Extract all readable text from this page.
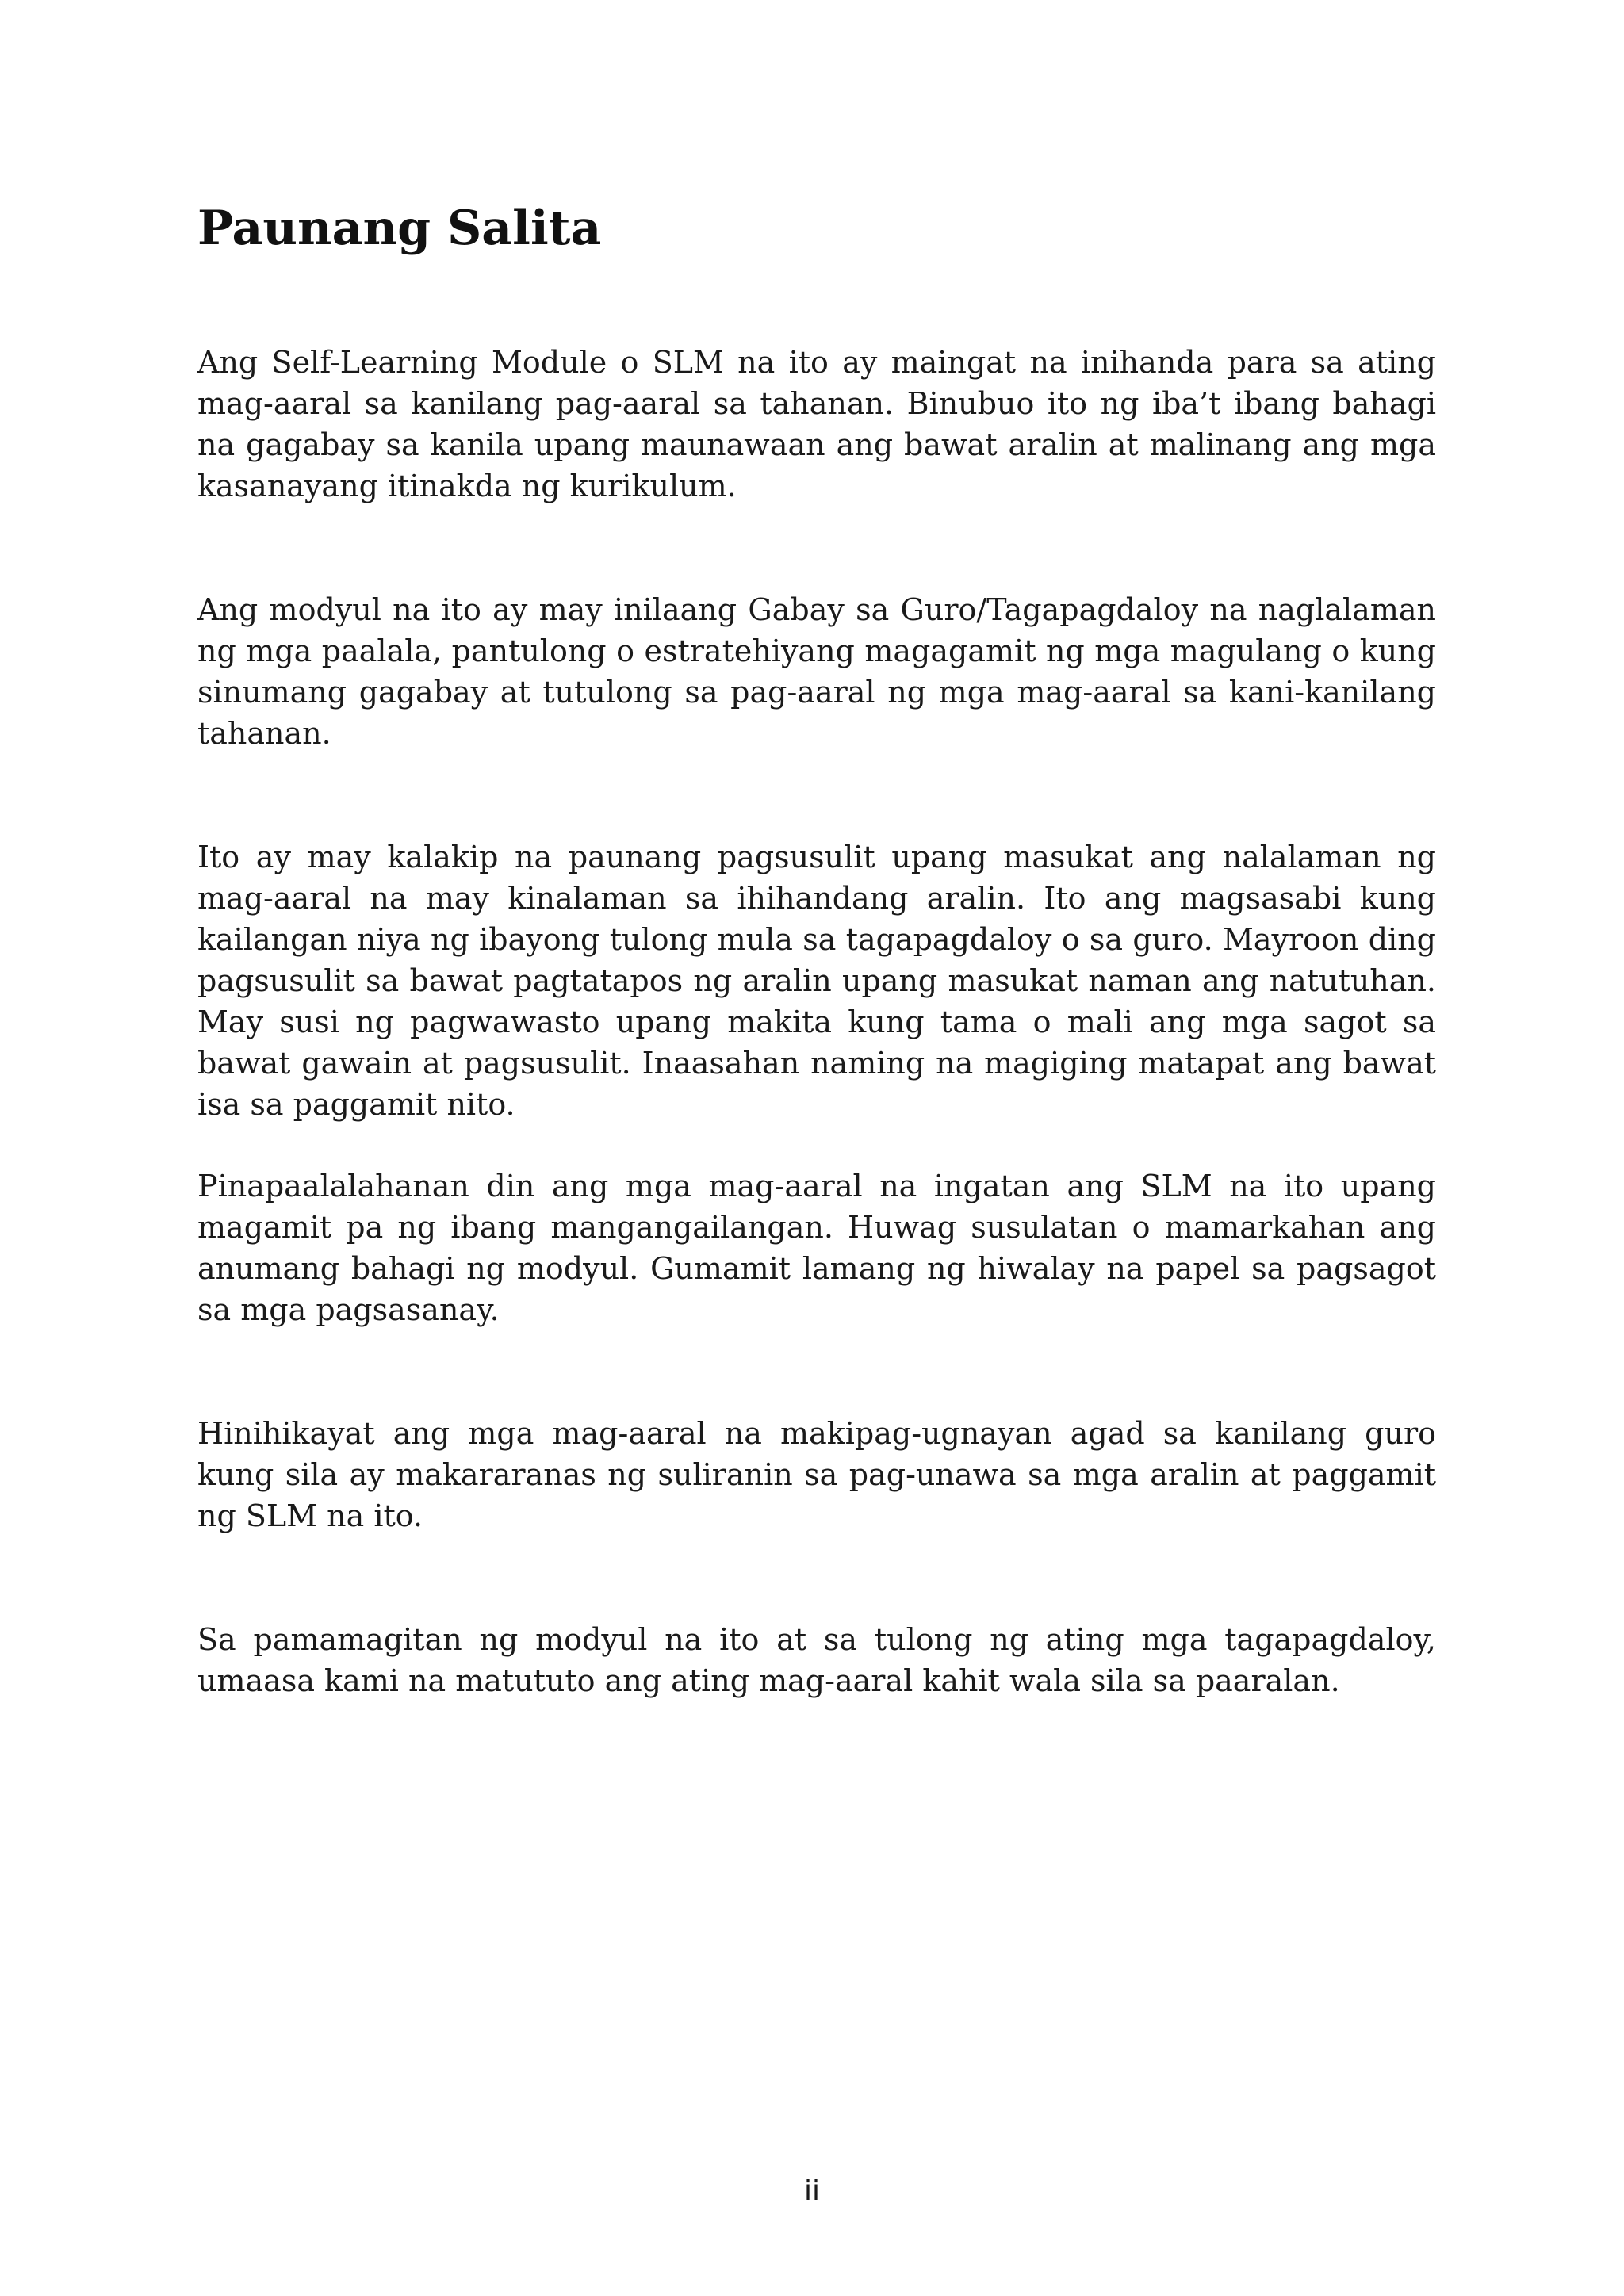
Paunang Salita

Ang Self-Learning Module o SLM na ito ay maingat na inihanda para sa ating mag-aaral sa kanilang pag-aaral sa tahanan. Binubuo ito ng iba’t ibang bahagi na gagabay sa kanila upang maunawaan ang bawat aralin at malinang ang mga kasanayang itinakda ng kurikulum.

Ang modyul na ito ay may inilaang Gabay sa Guro/Tagapagdaloy na naglalaman ng mga paalala, pantulong o estratehiyang magagamit ng mga magulang o kung sinumang gagabay at tutulong sa pag-aaral ng mga mag-aaral sa kani-kanilang tahanan.

Ito ay may kalakip na paunang pagsusulit upang masukat ang nalalaman ng mag-aaral na may kinalaman sa ihihandang aralin. Ito ang magsasabi kung kailangan niya ng ibayong tulong mula sa tagapagdaloy o sa guro. Mayroon ding pagsusulit sa bawat pagtatapos ng aralin upang masukat naman ang natutuhan. May susi ng pagwawasto upang makita kung tama o mali ang mga sagot sa bawat gawain at pagsusulit. Inaasahan naming na magiging matapat ang bawat isa sa paggamit nito.

Pinapaalalahanan din ang mga mag-aaral na ingatan ang SLM na ito upang magamit pa ng ibang mangangailangan. Huwag susulatan o mamarkahan ang anumang bahagi ng modyul. Gumamit lamang ng hiwalay na papel sa pagsagot sa mga pagsasanay.

Hinihikayat ang mga mag-aaral na makipag-ugnayan agad sa kanilang guro kung sila ay makararanas ng suliranin sa pag-unawa sa mga aralin at paggamit ng SLM na ito.

Sa pamamagitan ng modyul na ito at sa tulong ng ating mga tagapagdaloy, umaasa kami na matututo ang ating mag-aaral kahit wala sila sa paaralan.

ii
